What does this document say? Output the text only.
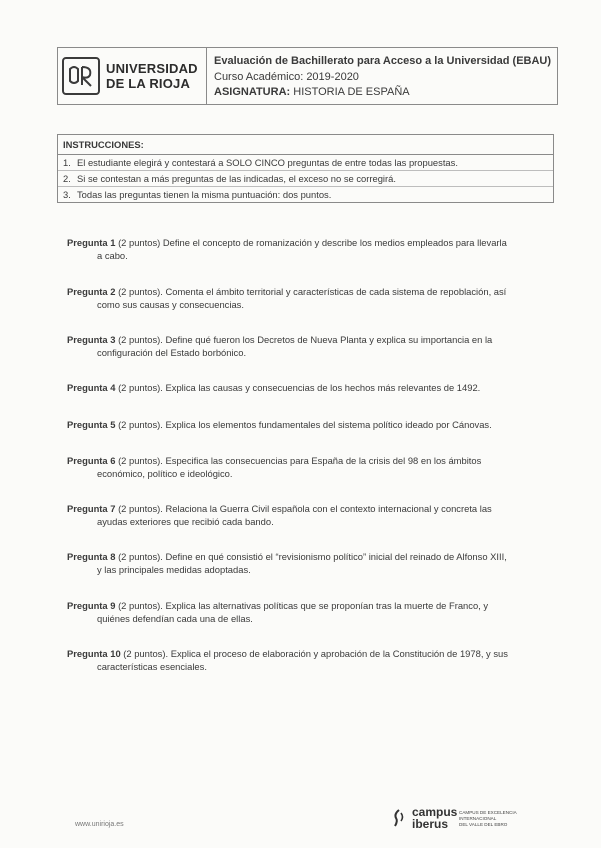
UNIVERSIDAD
DE LA RIOJA
Evaluación de Bachillerato para Acceso a la Universidad (EBAU)
Curso Académico: 2019-2020
ASIGNATURA: HISTORIA DE ESPAÑA
INSTRUCCIONES:
1. El estudiante elegirá y contestará a SOLO CINCO preguntas de entre todas las propuestas.
2. Si se contestan a más preguntas de las indicadas, el exceso no se corregirá.
3. Todas las preguntas tienen la misma puntuación: dos puntos.
Pregunta 1 (2 puntos) Define el concepto de romanización y describe los medios empleados para llevarla
a cabo.
Pregunta 2 (2 puntos). Comenta el ámbito territorial y características de cada sistema de repoblación, así
como sus causas y consecuencias.
Pregunta 3 (2 puntos). Define qué fueron los Decretos de Nueva Planta y explica su importancia en la
configuración del Estado borbónico.
Pregunta 4 (2 puntos). Explica las causas y consecuencias de los hechos más relevantes de 1492.
Pregunta 5 (2 puntos). Explica los elementos fundamentales del sistema político ideado por Cánovas.
Pregunta 6 (2 puntos). Especifica las consecuencias para España de la crisis del 98 en los ámbitos
económico, político e ideológico.
Pregunta 7 (2 puntos). Relaciona la Guerra Civil española con el contexto internacional y concreta las
ayudas exteriores que recibió cada bando.
Pregunta 8 (2 puntos). Define en qué consistió el “revisionismo político” inicial del reinado de Alfonso XIII,
y las principales medidas adoptadas.
Pregunta 9 (2 puntos). Explica las alternativas políticas que se proponían tras la muerte de Franco, y
quiénes defendían cada una de ellas.
Pregunta 10 (2 puntos). Explica el proceso de elaboración y aprobación de la Constitución de 1978, y sus
características esenciales.
www.unirioja.es
campus
iberus
CAMPUS DE EXCELENCIA
INTERNACIONAL
DEL VALLE DEL EBRO
